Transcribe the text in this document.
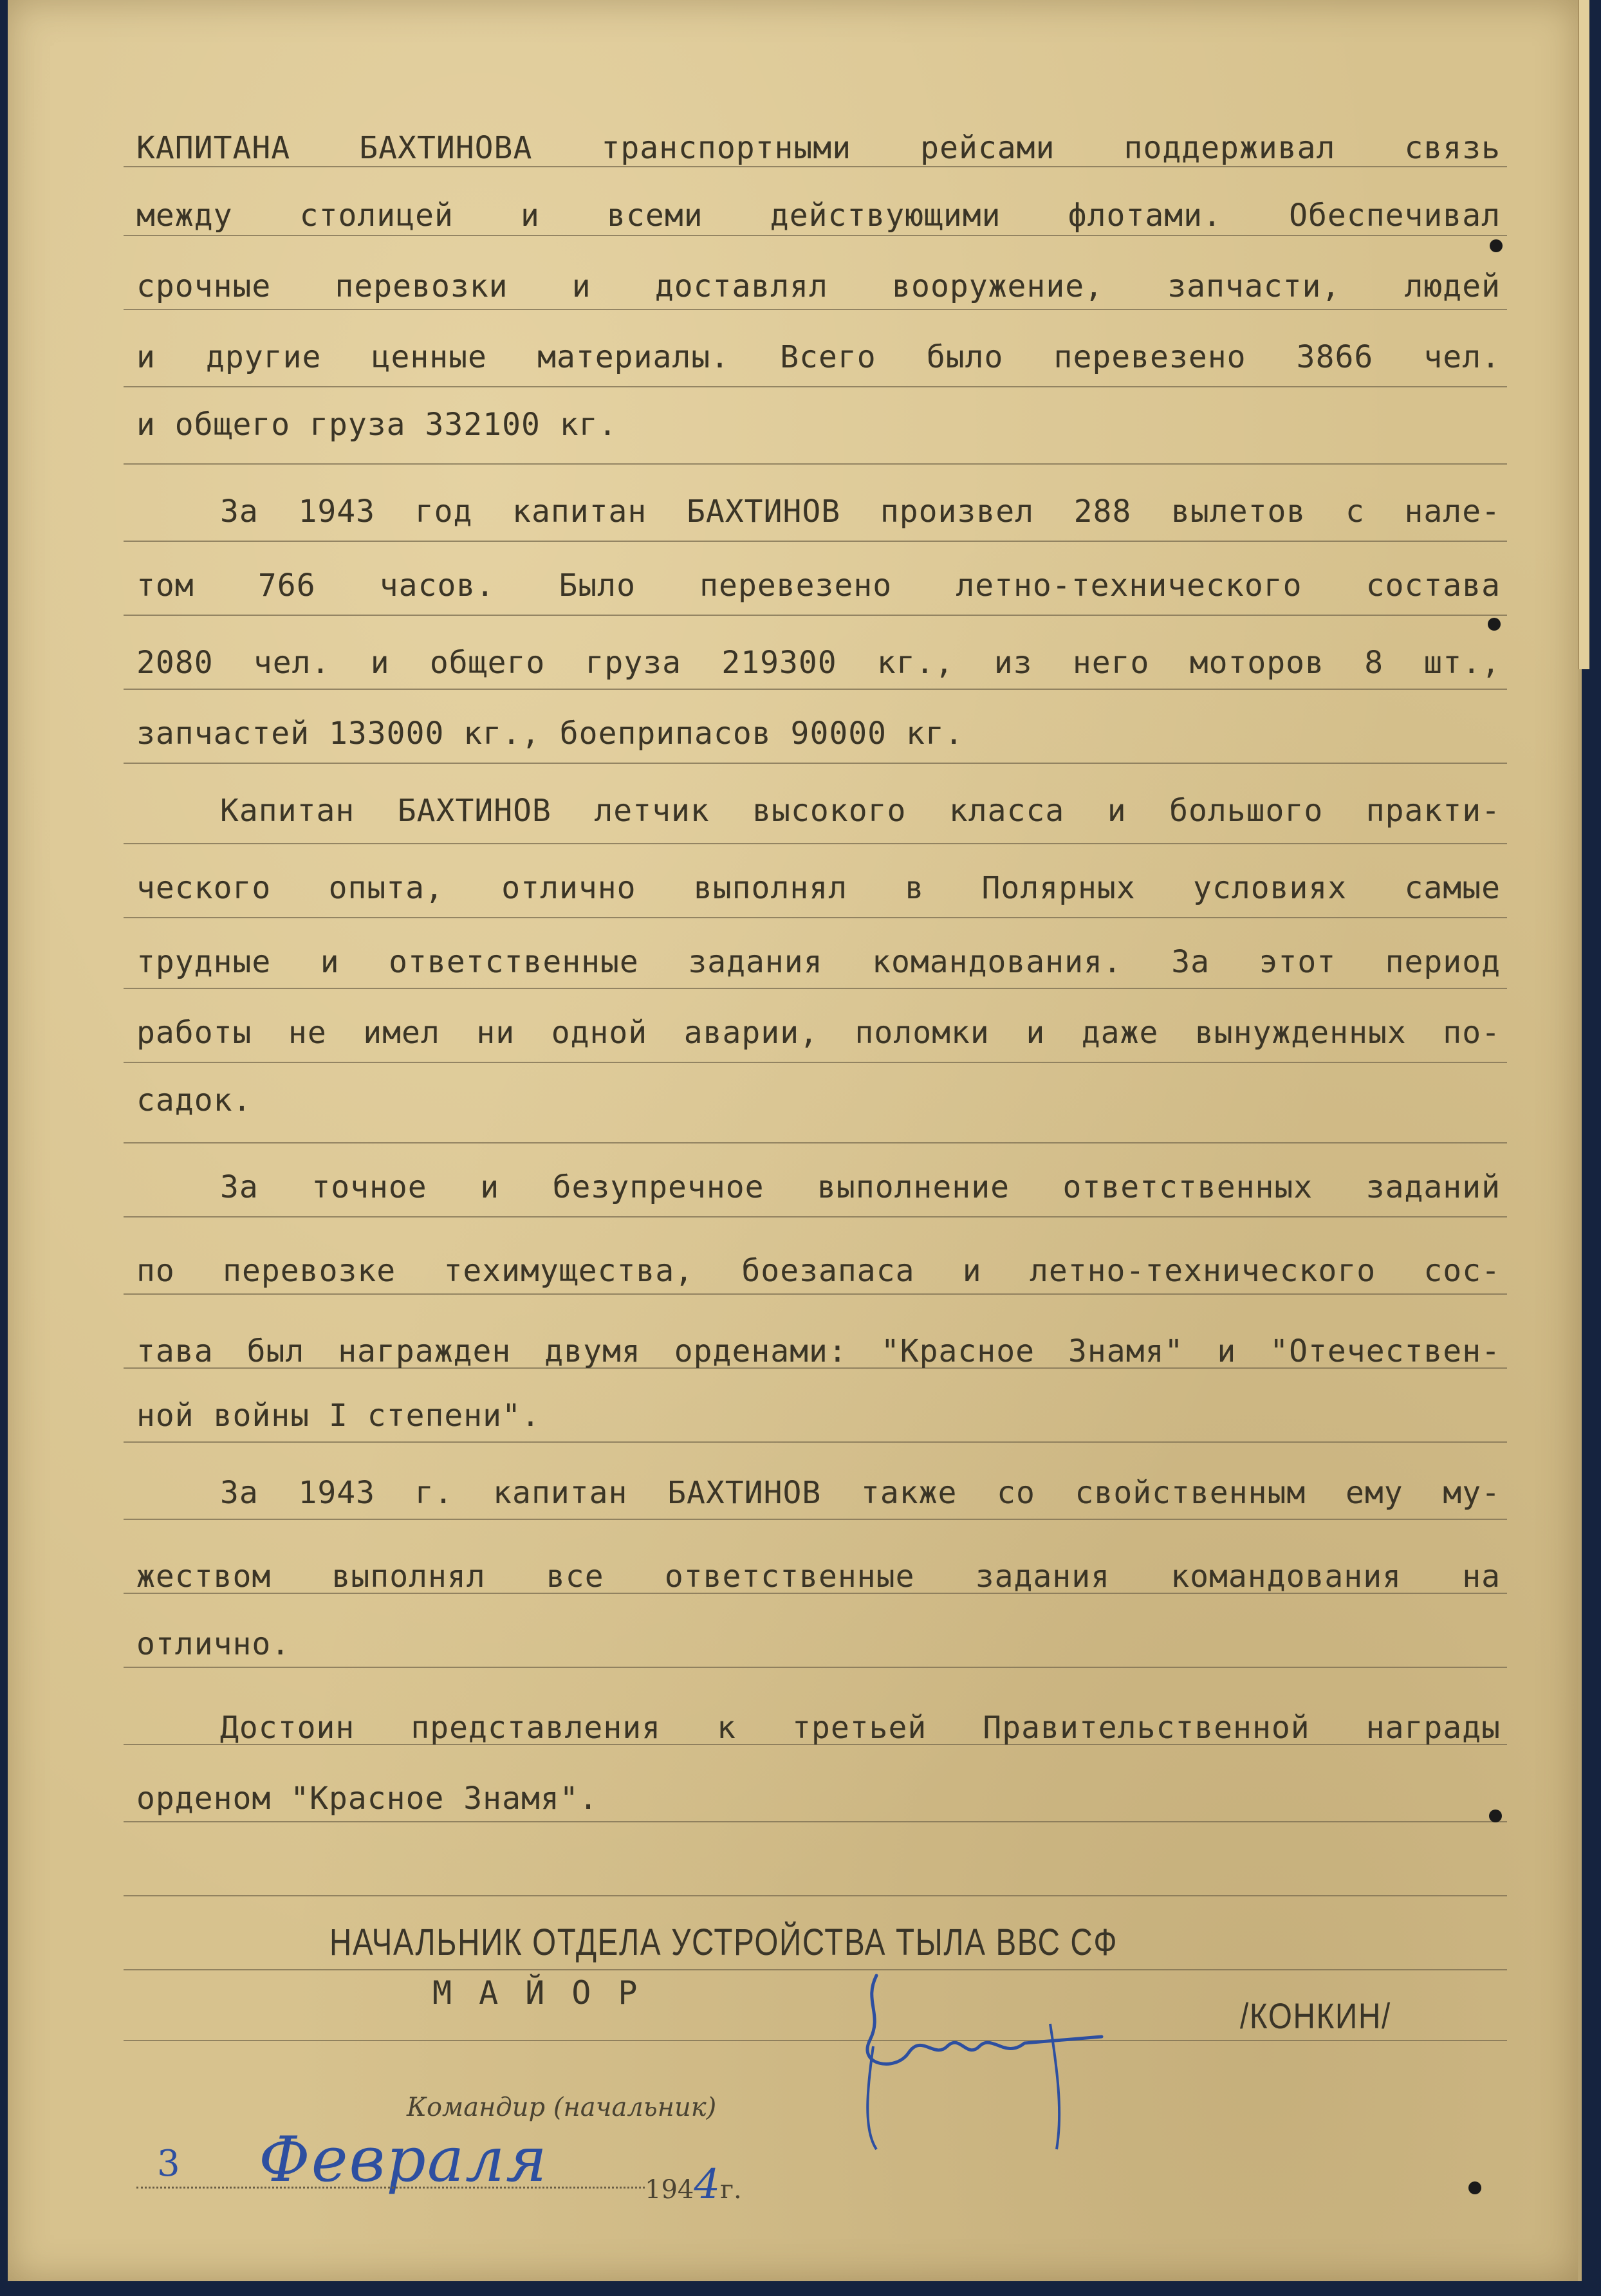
КАПИТАНА БАХТИНОВА транспортными рейсами поддерживал связь
между столицей и всеми действующими флотами. Обеспечивал
срочные перевозки и доставлял вооружение, запчасти, людей
и другие ценные материалы. Всего было перевезено 3866 чел.
и общего груза 332100 кг.
За 1943 год капитан БАХТИНОВ произвел 288 вылетов с нале-
том 766 часов. Было перевезено летно-технического состава
2080 чел. и общего груза 219300 кг., из него моторов 8 шт.,
запчастей 133000 кг., боеприпасов 90000 кг.
Капитан БАХТИНОВ летчик высокого класса и большого практи-
ческого опыта, отлично выполнял в Полярных условиях самые
трудные и ответственные задания командования. За этот период
работы не имел ни одной аварии, поломки и даже вынужденных по-
садок.
За точное и безупречное выполнение ответственных заданий
по перевозке техимущества, боезапаса и летно-технического сос-
тава был награжден двумя орденами: "Красное Знамя" и "Отечествен-
ной войны I степени".
За 1943 г. капитан БАХТИНОВ также со свойственным ему му-
жеством выполнял все ответственные задания командования на
отлично.
Достоин представления к третьей Правительственной награды
орденом "Красное Знамя".
НАЧАЛЬНИК ОТДЕЛА УСТРОЙСТВА ТЫЛА ВВС СФ
МАЙОР
/КОНКИН/
Командир (начальник)
3 Февраля	1944г.
